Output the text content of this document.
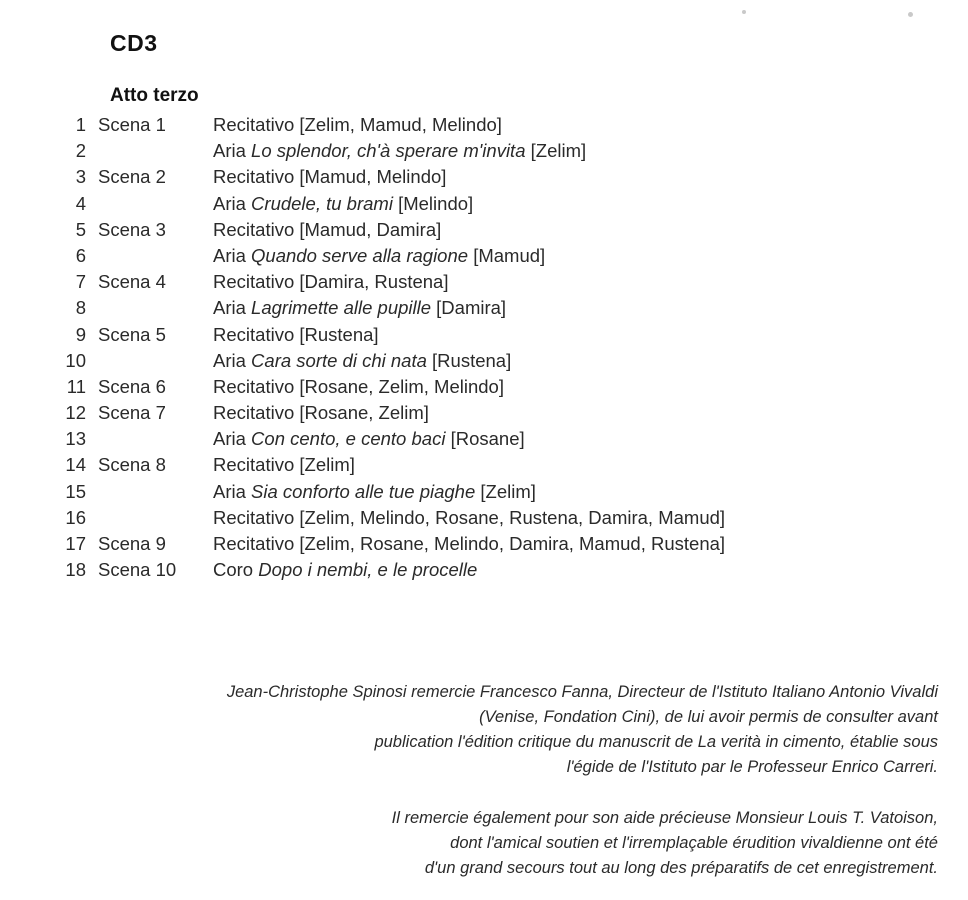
CD3
Atto terzo
1 Scena 1	Recitativo [Zelim, Mamud, Melindo]
2	Aria Lo splendor, ch'à sperare m'invita [Zelim]
3 Scena 2	Recitativo [Mamud, Melindo]
4	Aria Crudele, tu brami [Melindo]
5 Scena 3	Recitativo [Mamud, Damira]
6	Aria Quando serve alla ragione [Mamud]
7 Scena 4	Recitativo [Damira, Rustena]
8	Aria Lagrimette alle pupille [Damira]
9 Scena 5	Recitativo [Rustena]
10	Aria Cara sorte di chi nata [Rustena]
11 Scena 6	Recitativo [Rosane, Zelim, Melindo]
12 Scena 7	Recitativo [Rosane, Zelim]
13	Aria Con cento, e cento baci [Rosane]
14 Scena 8	Recitativo [Zelim]
15	Aria Sia conforto alle tue piaghe [Zelim]
16	Recitativo [Zelim, Melindo, Rosane, Rustena, Damira, Mamud]
17 Scena 9	Recitativo [Zelim, Rosane, Melindo, Damira, Mamud, Rustena]
18 Scena 10	Coro Dopo i nembi, e le procelle
Jean-Christophe Spinosi remercie Francesco Fanna, Directeur de l'Istituto Italiano Antonio Vivaldi
(Venise, Fondation Cini), de lui avoir permis de consulter avant
publication l'édition critique du manuscrit de La verità in cimento, établie sous
l'égide de l'Istituto par le Professeur Enrico Carreri.
Il remercie également pour son aide précieuse Monsieur Louis T. Vatoison,
dont l'amical soutien et l'irremplaçable érudition vivaldienne ont été
d'un grand secours tout au long des préparatifs de cet enregistrement.
